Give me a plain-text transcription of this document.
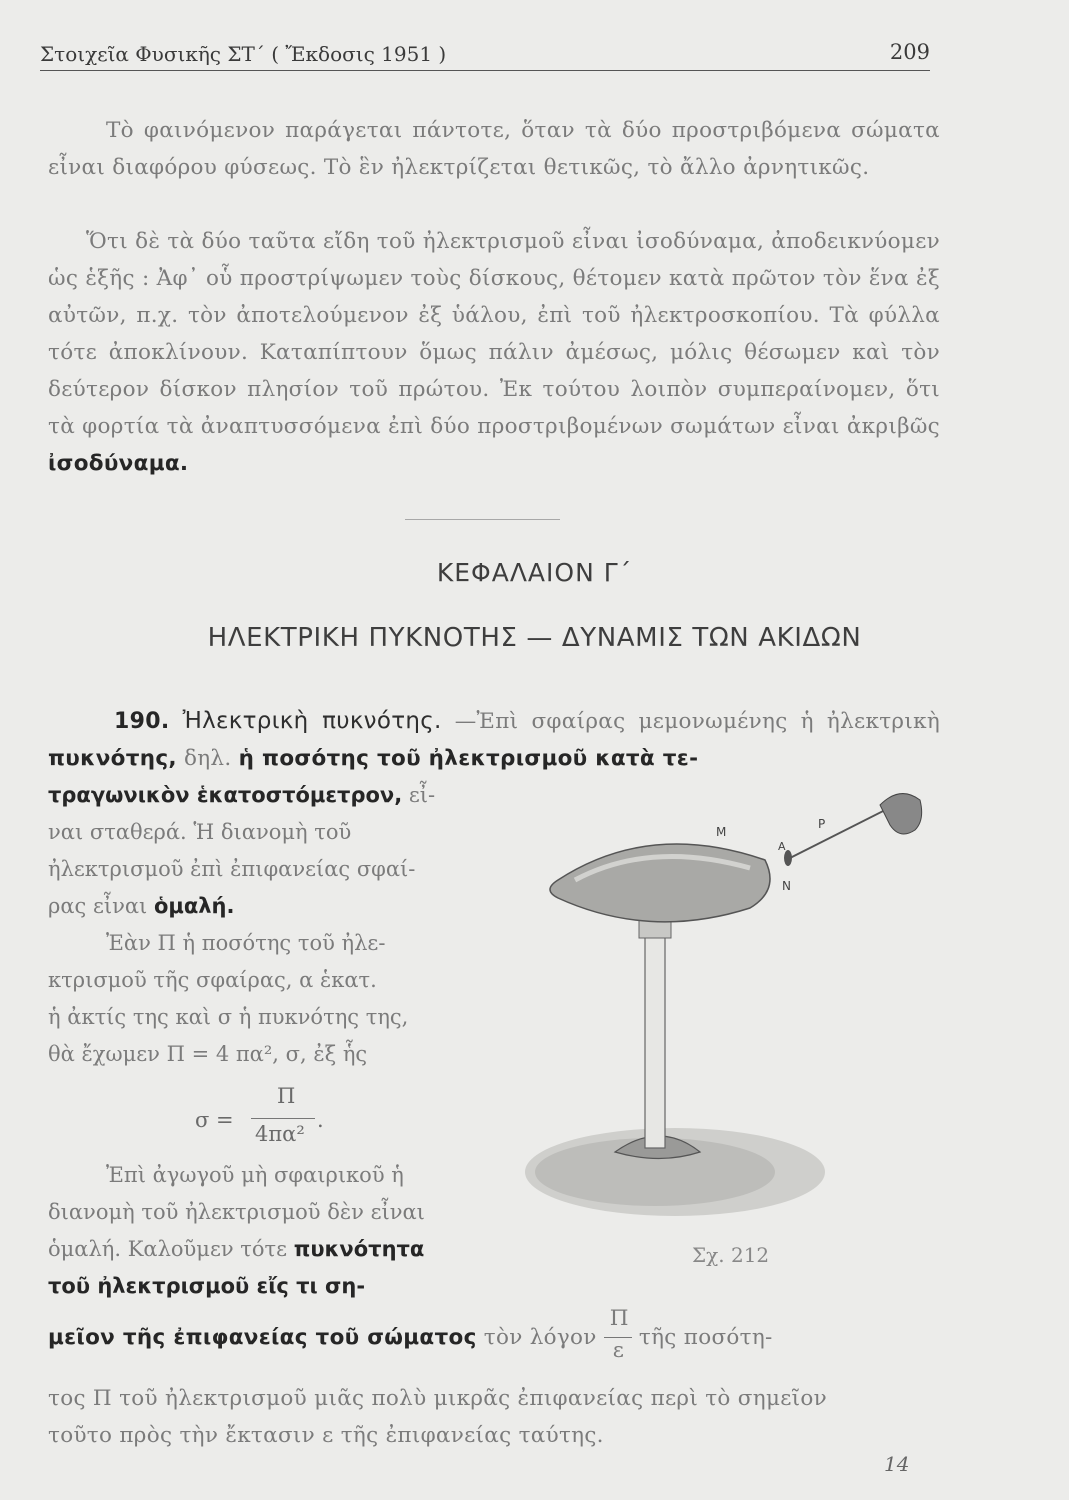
Στοιχεῖα Φυσικῆς ΣΤ΄ ( Ἔκδοσις 1951 )	209
Τὸ φαινόμενον παράγεται πάντοτε, ὅταν τὰ δύο προστριβόμενα σώματα εἶναι διαφόρου φύσεως. Τὸ ἓν ἠλεκτρίζεται θετικῶς, τὸ ἄλλο ἀρνητικῶς.
Ὅτι δὲ τὰ δύο ταῦτα εἴδη τοῦ ἠλεκτρισμοῦ εἶναι ἰσοδύναμα, ἀποδεικνύομεν ὡς ἑξῆς : Ἀφ᾿ οὗ προστρίψωμεν τοὺς δίσκους, θέτομεν κατὰ πρῶτον τὸν ἕνα ἐξ αὐτῶν, π.χ. τὸν ἀποτελούμενον ἐξ ὑάλου, ἐπὶ τοῦ ἠλεκτροσκοπίου. Τὰ φύλλα τότε ἀποκλίνουν. Καταπίπτουν ὅμως πάλιν ἀμέσως, μόλις θέσωμεν καὶ τὸν δεύτερον δίσκον πλησίον τοῦ πρώτου. Ἐκ τούτου λοιπὸν συμπεραίνομεν, ὅτι τὰ φορτία τὰ ἀναπτυσσόμενα ἐπὶ δύο προστριβομένων σωμάτων εἶναι ἀκριβῶς ἰσοδύναμα.
ΚΕΦΑΛΑΙΟΝ Γ΄
ΗΛΕΚΤΡΙΚΗ ΠΥΚΝΟΤΗΣ — ΔΥΝΑΜΙΣ ΤΩΝ ΑΚΙΔΩΝ
190. Ἠλεκτρικὴ πυκνότης. —Ἐπὶ σφαίρας μεμονωμένης ἡ ἠλεκτρικὴ πυκνότης, δηλ. ἡ ποσότης τοῦ ἠλεκτρισμοῦ κατὰ τε-
τραγωνικὸν ἑκατοστόμετρον, εἶ-
ναι σταθερά. Ἡ διανομὴ τοῦ
ἠλεκτρισμοῦ ἐπὶ ἐπιφανείας σφαί-
ρας εἶναι ὁμαλή.
Ἐὰν Π ἡ ποσότης τοῦ ἠλε-
κτρισμοῦ τῆς σφαίρας, α ἑκατ.
ἡ ἀκτίς της καὶ σ ἡ πυκνότης της,
θὰ ἔχωμεν Π = 4 πα², σ, ἐξ ἧς
σ =
Π
4πα²
.
Ἐπὶ ἀγωγοῦ μὴ σφαιρικοῦ ἡ
διανομὴ τοῦ ἠλεκτρισμοῦ δὲν εἶναι
ὁμαλή. Καλοῦμεν τότε πυκνότητα
τοῦ ἠλεκτρισμοῦ εἴς τι ση-
μεῖον τῆς ἐπιφανείας τοῦ σώματος τὸν λόγον $\frac{\Pi}{\varepsilon}$ τῆς ποσότη-
τος Π τοῦ ἠλεκτρισμοῦ μιᾶς πολὺ μικρᾶς ἐπιφανείας περὶ τὸ σημεῖον
τοῦτο πρὸς τὴν ἔκτασιν ε τῆς ἐπιφανείας ταύτης.
Μ
Ν
Ρ
Α
Σχ. 212
14
